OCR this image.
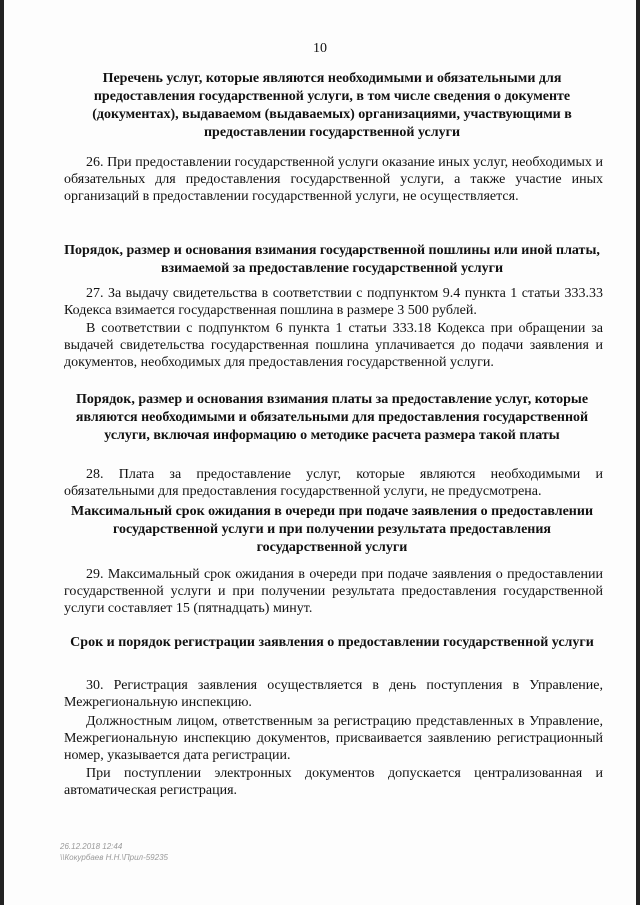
10
Перечень услуг, которые являются необходимыми и обязательными для предоставления государственной услуги, в том числе сведения о документе (документах), выдаваемом (выдаваемых) организациями, участвующими в предоставлении государственной услуги

26. При предоставлении государственной услуги оказание иных услуг, необходимых и обязательных для предоставления государственной услуги, а также участие иных организаций в предоставлении государственной услуги, не осуществляется.

Порядок, размер и основания взимания государственной пошлины или иной платы, взимаемой за предоставление государственной услуги

27. За выдачу свидетельства в соответствии с подпунктом 9.4 пункта 1 статьи 333.33 Кодекса взимается государственная пошлина в размере 3 500 рублей.

В соответствии с подпунктом 6 пункта 1 статьи 333.18 Кодекса при обращении за выдачей свидетельства государственная пошлина уплачивается до подачи заявления и документов, необходимых для предоставления государственной услуги.

Порядок, размер и основания взимания платы за предоставление услуг, которые являются необходимыми и обязательными для предоставления государственной услуги, включая информацию о методике расчета размера такой платы

28. Плата за предоставление услуг, которые являются необходимыми и обязательными для предоставления государственной услуги, не предусмотрена.

Максимальный срок ожидания в очереди при подаче заявления о предоставлении государственной услуги и при получении результата предоставления государственной услуги

29. Максимальный срок ожидания в очереди при подаче заявления о предоставлении государственной услуги и при получении результата предоставления государственной услуги составляет 15 (пятнадцать) минут.

Срок и порядок регистрации заявления о предоставлении государственной услуги

30. Регистрация заявления осуществляется в день поступления в Управление, Межрегиональную инспекцию.

Должностным лицом, ответственным за регистрацию представленных в Управление, Межрегиональную инспекцию документов, присваивается заявлению регистрационный номер, указывается дата регистрации.

При поступлении электронных документов допускается централизованная и автоматическая регистрация.

26.12.2018 12:44
\\Кокурбаев Н.Н.\Прил-59235
